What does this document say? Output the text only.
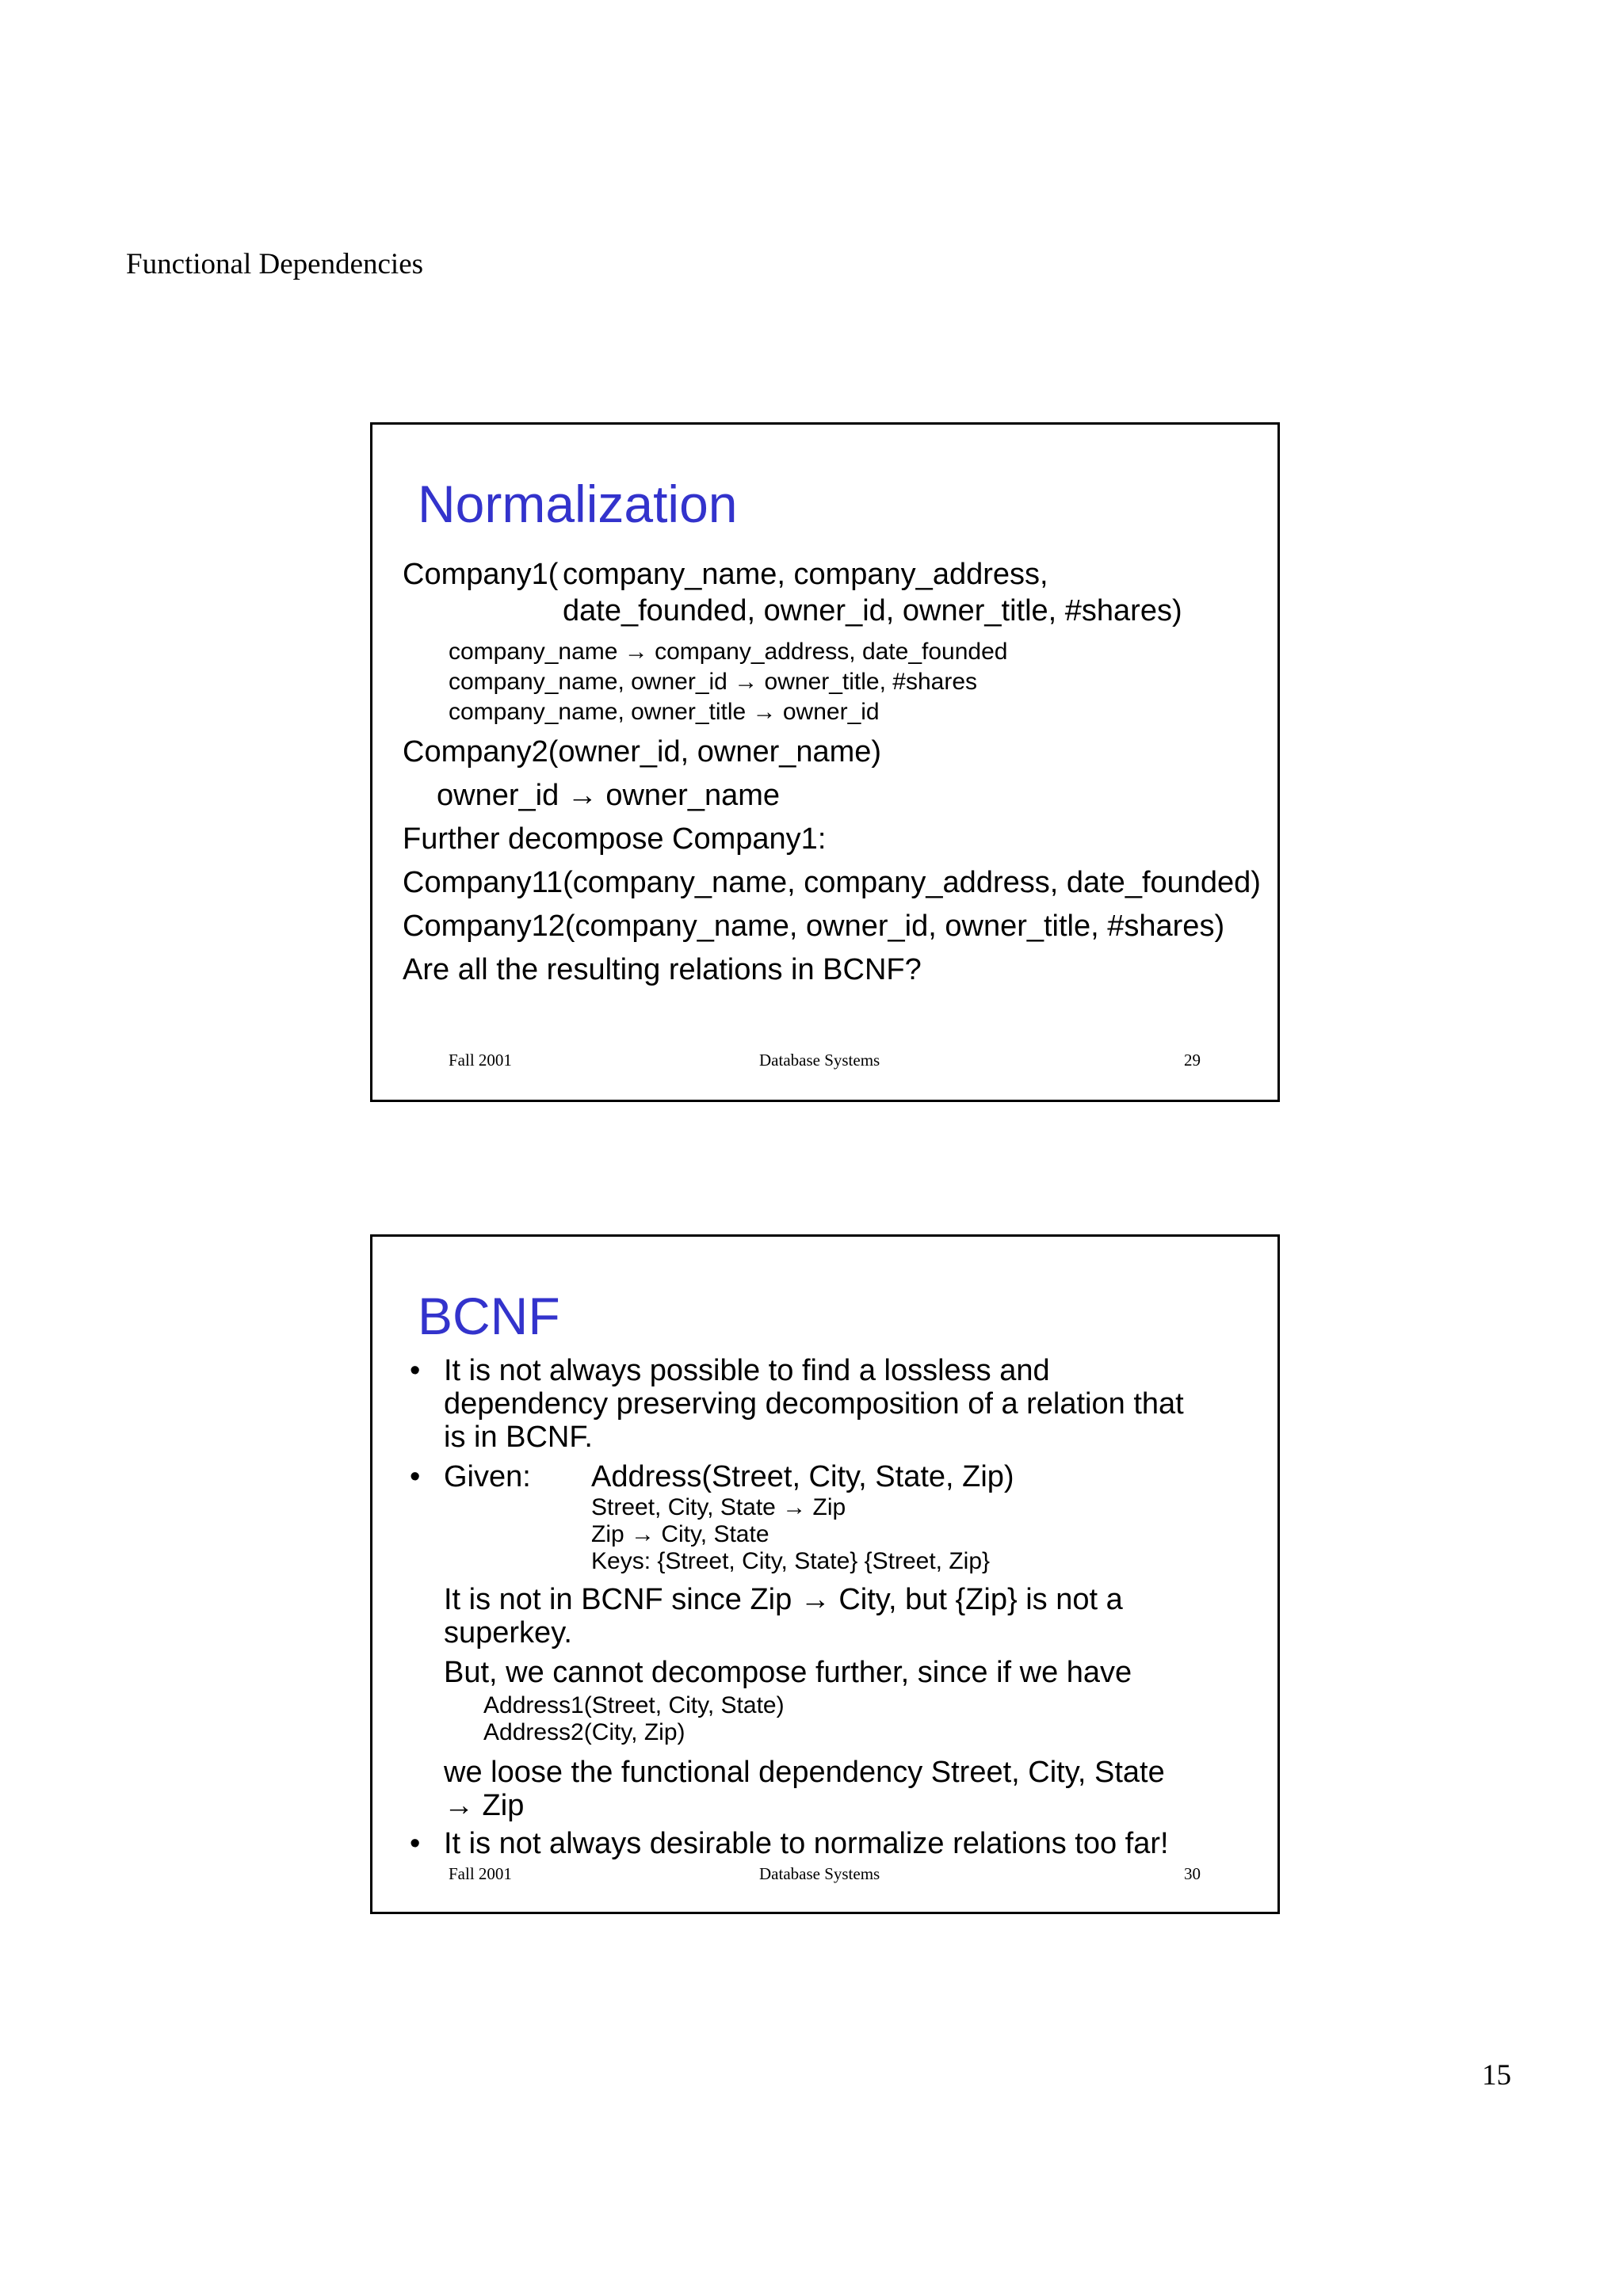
Functional Dependencies
Normalization
Company1( company_name, company_address,
date_founded, owner_id, owner_title, #shares)
company_name → company_address, date_founded
company_name, owner_id → owner_title, #shares
company_name, owner_title → owner_id
Company2(owner_id, owner_name)
owner_id → owner_name
Further decompose Company1:
Company11(company_name, company_address, date_founded)
Company12(company_name, owner_id, owner_title, #shares)
Are all the resulting relations in BCNF?
Fall 2001	Database Systems	29
BCNF
• It is not always possible to find a lossless and
dependency preserving decomposition of a relation that
is in BCNF.
• Given: Address(Street, City, State, Zip)
Street, City, State → Zip
Zip → City, State
Keys: {Street, City, State} {Street, Zip}
It is not in BCNF since Zip → City, but {Zip} is not a
superkey.
But, we cannot decompose further, since if we have
Address1(Street, City, State)
Address2(City, Zip)
we loose the functional dependency Street, City, State
→ Zip
• It is not always desirable to normalize relations too far!
Fall 2001	Database Systems	30
15
